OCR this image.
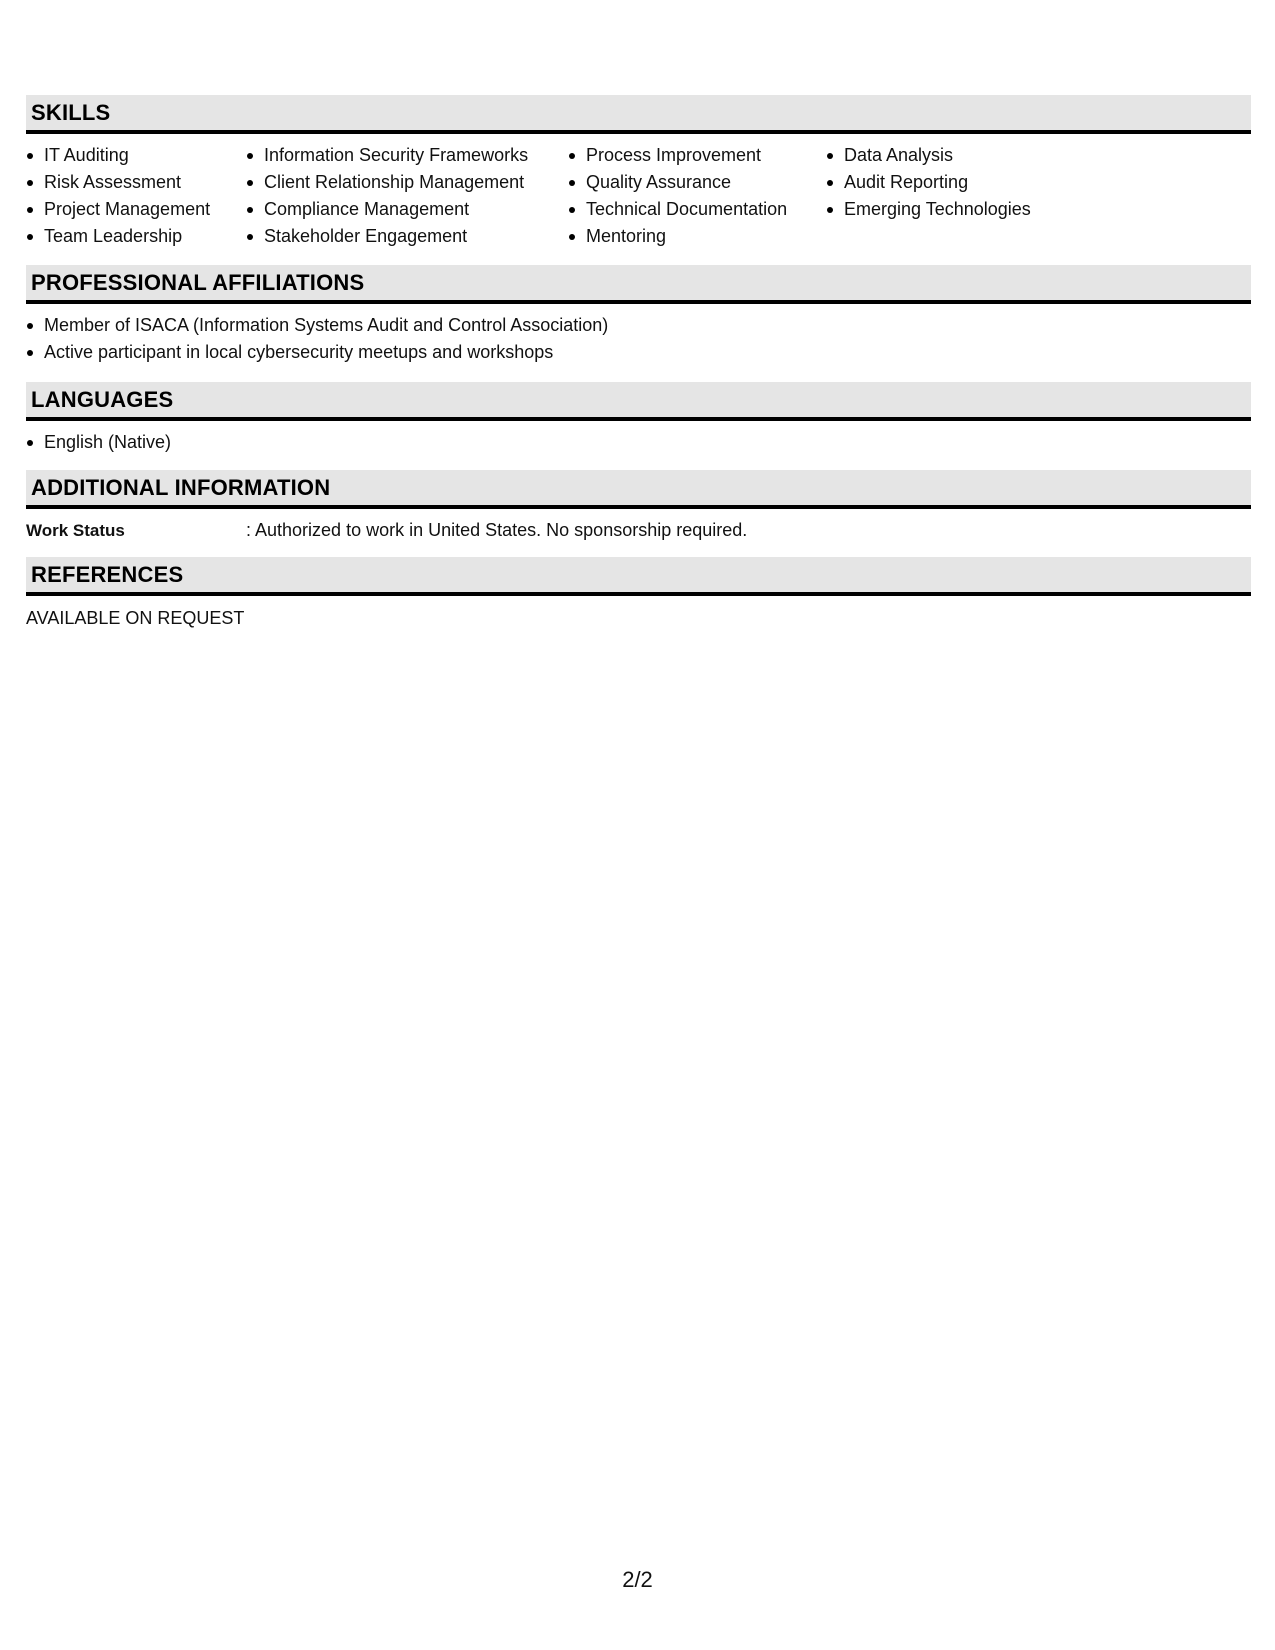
SKILLS
IT Auditing
Risk Assessment
Project Management
Team Leadership
Information Security Frameworks
Client Relationship Management
Compliance Management
Stakeholder Engagement
Process Improvement
Quality Assurance
Technical Documentation
Mentoring
Data Analysis
Audit Reporting
Emerging Technologies
PROFESSIONAL AFFILIATIONS
Member of ISACA (Information Systems Audit and Control Association)
Active participant in local cybersecurity meetups and workshops
LANGUAGES
English (Native)
ADDITIONAL INFORMATION
Work Status	: Authorized to work in United States. No sponsorship required.
REFERENCES
AVAILABLE ON REQUEST
2/2
